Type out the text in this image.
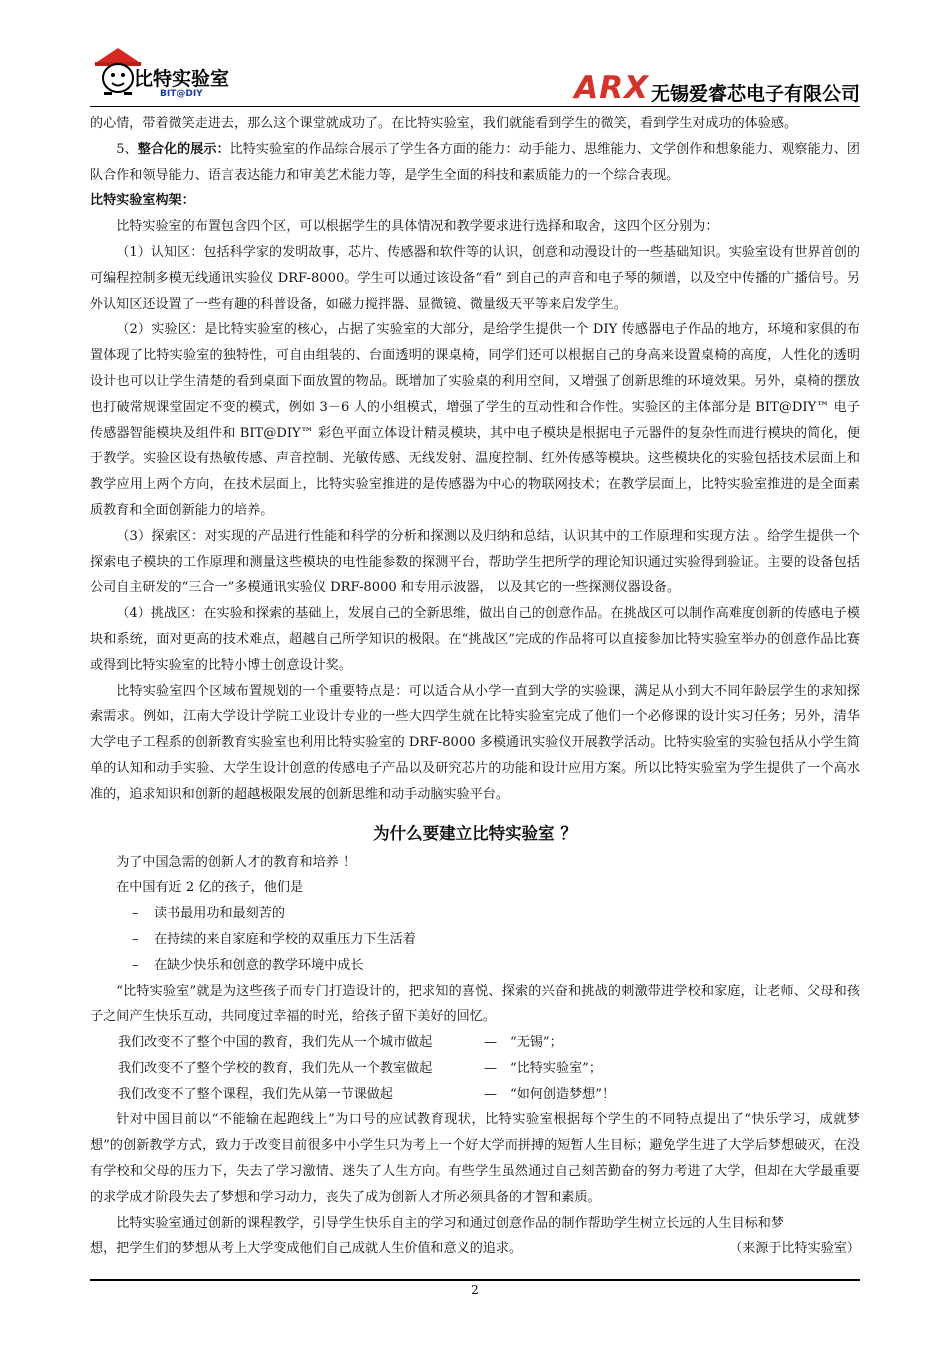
比特实验室
BIT@DIY	ARX 无锡爱睿芯电子有限公司

的心情，带着微笑走进去，那么这个课堂就成功了。在比特实验室，我们就能看到学生的微笑，看到学生对成功的体验感。

5、整合化的展示：比特实验室的作品综合展示了学生各方面的能力：动手能力、思维能力、文学创作和想象能力、观察能力、团队合作和领导能力、语言表达能力和审美艺术能力等，是学生全面的科技和素质能力的一个综合表现。

比特实验室构架：

比特实验室的布置包含四个区，可以根据学生的具体情况和教学要求进行选择和取舍，这四个区分别为：

（1）认知区：包括科学家的发明故事，芯片、传感器和软件等的认识，创意和动漫设计的一些基础知识。实验室设有世界首创的可编程控制多模无线通讯实验仪 DRF-8000。学生可以通过该设备“看” 到自己的声音和电子琴的频谱，以及空中传播的广播信号。另外认知区还设置了一些有趣的科普设备，如磁力搅拌器、显微镜、微量级天平等来启发学生。

（2）实验区：是比特实验室的核心，占据了实验室的大部分，是给学生提供一个 DIY 传感器电子作品的地方，环境和家俱的布置体现了比特实验室的独特性，可自由组装的、台面透明的课桌椅，同学们还可以根据自己的身高来设置桌椅的高度，人性化的透明设计也可以让学生清楚的看到桌面下面放置的物品。既增加了实验桌的利用空间，又增强了创新思维的环境效果。另外，桌椅的摆放也打破常规课堂固定不变的模式，例如 3－6 人的小组模式，增强了学生的互动性和合作性。实验区的主体部分是 BIT@DIY™ 电子传感器智能模块及组件和 BIT@DIY™ 彩色平面立体设计精灵模块，其中电子模块是根据电子元器件的复杂性而进行模块的简化，便于教学。实验区设有热敏传感、声音控制、光敏传感、无线发射、温度控制、红外传感等模块。这些模块化的实验包括技术层面上和教学应用上两个方向，在技术层面上，比特实验室推进的是传感器为中心的物联网技术；在教学层面上，比特实验室推进的是全面素质教育和全面创新能力的培养。

（3）探索区：对实现的产品进行性能和科学的分析和探测以及归纳和总结，认识其中的工作原理和实现方法 。给学生提供一个探索电子模块的工作原理和测量这些模块的电性能参数的探测平台，帮助学生把所学的理论知识通过实验得到验证。主要的设备包括公司自主研发的“三合一”多模通讯实验仪 DRF-8000 和专用示波器， 以及其它的一些探测仪器设备。

（4）挑战区：在实验和探索的基础上，发展自己的全新思维，做出自己的创意作品。在挑战区可以制作高难度创新的传感电子模块和系统，面对更高的技术难点，超越自己所学知识的极限。在“挑战区”完成的作品将可以直接参加比特实验室举办的创意作品比赛或得到比特实验室的比特小博士创意设计奖。

比特实验室四个区域布置规划的一个重要特点是：可以适合从小学一直到大学的实验课，满足从小到大不同年龄层学生的求知探索需求。例如，江南大学设计学院工业设计专业的一些大四学生就在比特实验室完成了他们一个必修课的设计实习任务；另外，清华大学电子工程系的创新教育实验室也利用比特实验室的 DRF-8000 多模通讯实验仪开展教学活动。比特实验室的实验包括从小学生简单的认知和动手实验、大学生设计创意的传感电子产品以及研究芯片的功能和设计应用方案。所以比特实验室为学生提供了一个高水准的，追求知识和创新的超越极限发展的创新思维和动手动脑实验平台。

为什么要建立比特实验室 ？

为了中国急需的创新人才的教育和培养 ！

在中国有近 2 亿的孩子，他们是

– 读书最用功和最刻苦的
– 在持续的来自家庭和学校的双重压力下生活着
– 在缺少快乐和创意的教学环境中成长

“比特实验室”就是为这些孩子而专门打造设计的，把求知的喜悦、探索的兴奋和挑战的刺激带进学校和家庭，让老师、父母和孩子之间产生快乐互动，共同度过幸福的时光，给孩子留下美好的回忆。

我们改变不了整个中国的教育，我们先从一个城市做起	— “无锡”；
我们改变不了整个学校的教育，我们先从一个教室做起	— “比特实验室”；
我们改变不了整个课程，我们先从第一节课做起	— “如何创造梦想”！

针对中国目前以“不能输在起跑线上”为口号的应试教育现状，比特实验室根据每个学生的不同特点提出了“快乐学习，成就梦想”的创新教学方式，致力于改变目前很多中小学生只为考上一个好大学而拼搏的短暂人生目标；避免学生进了大学后梦想破灭，在没有学校和父母的压力下，失去了学习激情、迷失了人生方向。有些学生虽然通过自己刻苦勤奋的努力考进了大学，但却在大学最重要的求学成才阶段失去了梦想和学习动力，丧失了成为创新人才所必须具备的才智和素质。

比特实验室通过创新的课程教学，引导学生快乐自主的学习和通过创意作品的制作帮助学生树立长远的人生目标和梦

想，把学生们的梦想从考上大学变成他们自己成就人生价值和意义的追求。	（来源于比特实验室）
2
